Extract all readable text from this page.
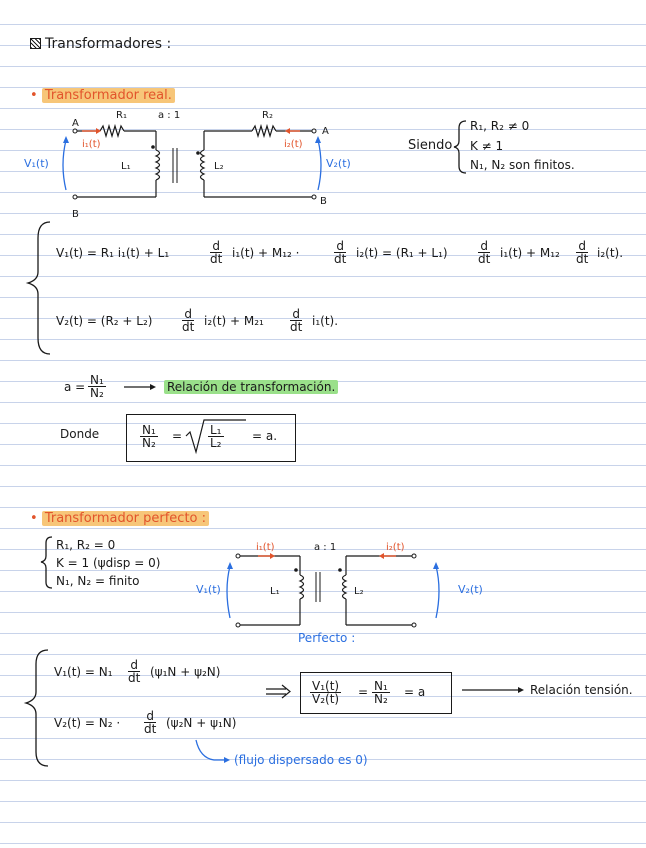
Transformadores :
• Transformador real.
R₁	a : 1	R₂
A
A
B
B
i₁(t)	i₂(t)
V₁(t)	V₂(t)
L₁	L₂
Siendo
R₁, R₂ ≠ 0
K ≠ 1
N₁, N₂ son finitos.
V₁(t) = R₁ i₁(t) + L₁	$\frac{d}{dt} i_1(t) + M_{12}$ ·	$\frac{d}{dt} i_2(t) = (R_1 + L_1) \frac{d}{dt} i_1(t) + M_{12} \frac{d}{dt} i_2(t)$.
$V_2(t) = (R_2 + L_2) \frac{d}{dt} i_2(t) + M_{21} \frac{d}{dt} i_1(t)$.
$a = \frac{\text{N₁}}{\text{N₂}}$	Relación de transformación.
Donde	$\frac{\text{N₁}}{\text{N₂}} = \frac{\text{L₁}}{\text{L₂}} = a$.
• Transformador perfecto :
R₁, R₂ = 0
K = 1 (ψdisp = 0)
N₁, N₂ = finito
i₁(t)	a : 1	i₂(t)
V₁(t)	V₂(t)
L₁	L₂
Perfecto :
$V_1(t) = N_1 \frac{d}{dt} (\psi_1N + \psi_2N)$
$V_2(t) = N_2 \cdot \frac{d}{dt} (\psi_2N + \psi_1N)$
$\frac{\text{V₁(t)}}{\text{V₂(t)}} = \frac{\text{N₁}}{\text{N₂}} = a$	Relación tensión.
(flujo dispersado es 0)
